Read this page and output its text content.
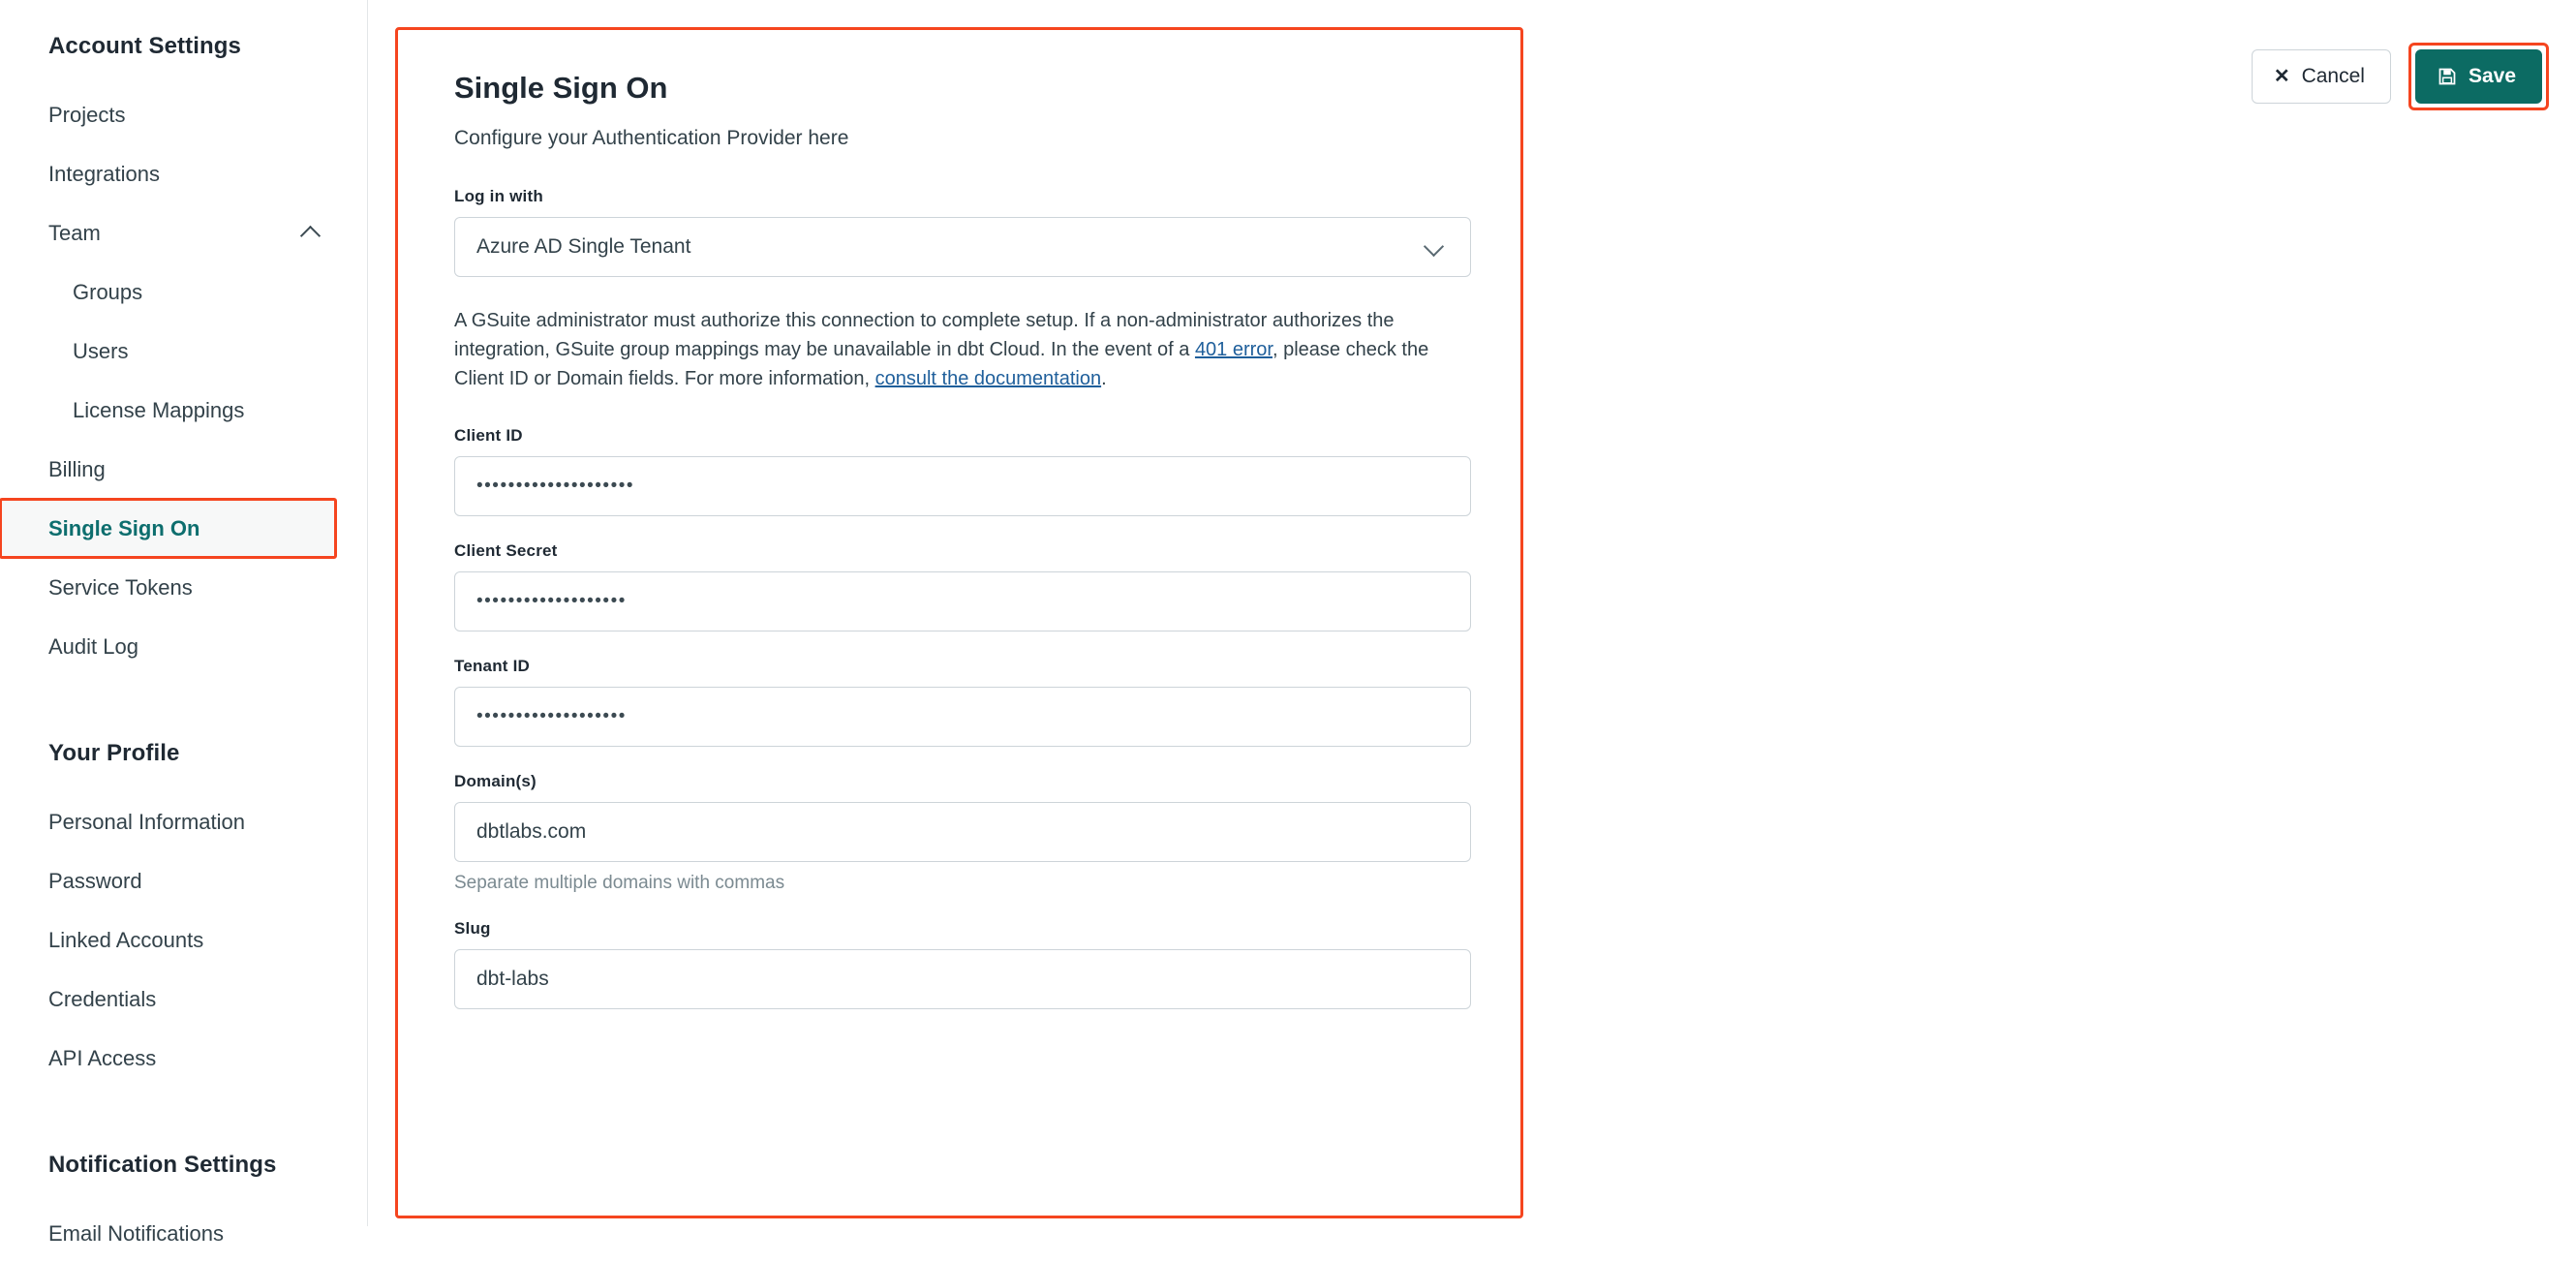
Account Settings
Projects
Integrations
Team
Groups
Users
License Mappings
Billing
Single Sign On
Service Tokens
Audit Log
Your Profile
Personal Information
Password
Linked Accounts
Credentials
API Access
Notification Settings
Email Notifications
✕ Cancel	Save
Single Sign On
Configure your Authentication Provider here
Log in with
Azure AD Single Tenant

A GSuite administrator must authorize this connection to complete setup. If a non-administrator authorizes the integration, GSuite group mappings may be unavailable in dbt Cloud. In the event of a 401 error, please check the Client ID or Domain fields. For more information, consult the documentation.

Client ID
••••••••••••••••••••
Client Secret
•••••••••••••••••••
Tenant ID
•••••••••••••••••••
Domain(s)
dbtlabs.com
Separate multiple domains with commas
Slug
dbt-labs
